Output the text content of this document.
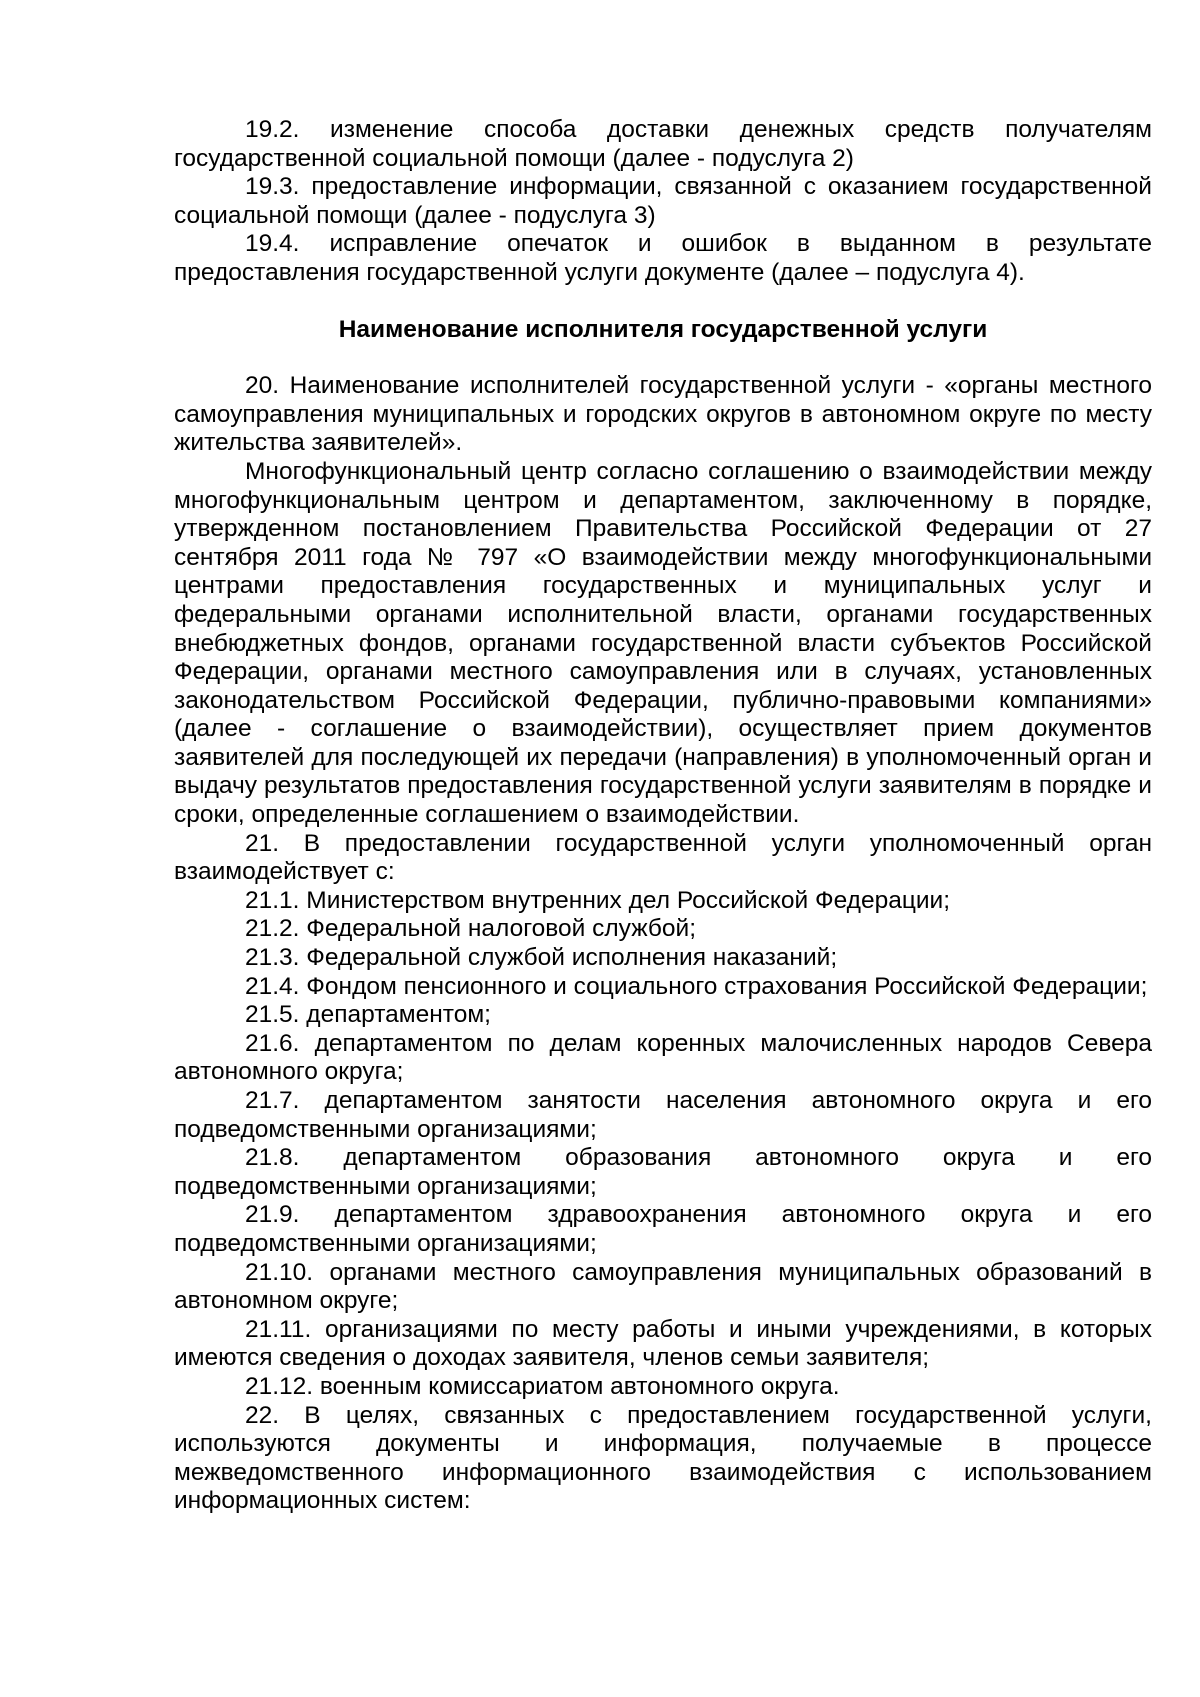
19.2. изменение способа доставки денежных средств получателям государственной социальной помощи (далее - подуслуга 2)

19.3. предоставление информации, связанной с оказанием государственной социальной помощи (далее - подуслуга 3)

19.4. исправление опечаток и ошибок в выданном в результате предоставления государственной услуги документе (далее – подуслуга 4).

Наименование исполнителя государственной услуги

20. Наименование исполнителей государственной услуги - «органы местного самоуправления муниципальных и городских округов в автономном округе по месту жительства заявителей».

Многофункциональный центр согласно соглашению о взаимодействии между многофункциональным центром и департаментом, заключенному в порядке, утвержденном постановлением Правительства Российской Федерации от 27 сентября 2011 года № 797 «О взаимодействии между многофункциональными центрами предоставления государственных и муниципальных услуг и федеральными органами исполнительной власти, органами государственных внебюджетных фондов, органами государственной власти субъектов Российской Федерации, органами местного самоуправления или в случаях, установленных законодательством Российской Федерации, публично-правовыми компаниями» (далее - соглашение о взаимодействии), осуществляет прием документов заявителей для последующей их передачи (направления) в уполномоченный орган и выдачу результатов предоставления государственной услуги заявителям в порядке и сроки, определенные соглашением о взаимодействии.

21. В предоставлении государственной услуги уполномоченный орган взаимодействует с:

21.1. Министерством внутренних дел Российской Федерации;

21.2. Федеральной налоговой службой;

21.3. Федеральной службой исполнения наказаний;

21.4. Фондом пенсионного и социального страхования Российской Федерации;

21.5. департаментом;

21.6. департаментом по делам коренных малочисленных народов Севера автономного округа;

21.7. департаментом занятости населения автономного округа и его подведомственными организациями;

21.8. департаментом образования автономного округа и его подведомственными организациями;

21.9. департаментом здравоохранения автономного округа и его подведомственными организациями;

21.10. органами местного самоуправления муниципальных образований в автономном округе;

21.11. организациями по месту работы и иными учреждениями, в которых имеются сведения о доходах заявителя, членов семьи заявителя;

21.12. военным комиссариатом автономного округа.

22. В целях, связанных с предоставлением государственной услуги, используются документы и информация, получаемые в процессе межведомственного информационного взаимодействия с использованием информационных систем:
